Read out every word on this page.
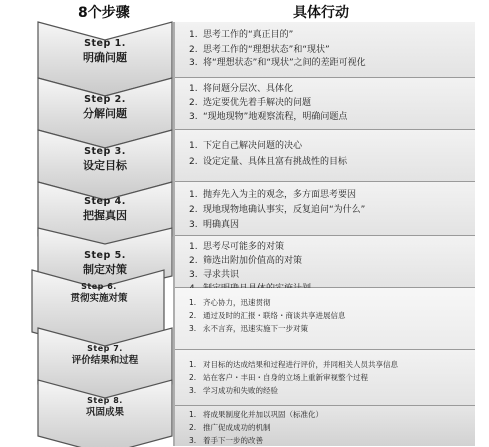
8个步骤	具体行动
Step 1.
明确问题
Step 2.
分解问题
Step 3.
设定目标
Step 4.
把握真因
Step 5.
制定对策
Step 6.
贯彻实施对策
Step 7.
评价结果和过程
Step 8.
巩固成果
1. 思考工作的“真正目的”
2. 思考工作的“理想状态”和“现状”
3. 将“理想状态”和“现状”之间的差距可视化
1. 将问题分层次、具体化
2. 选定要优先着手解决的问题
3. “现地现物”地观察流程，明确问题点
1. 下定自己解决问题的决心
2. 设定定量、具体且富有挑战性的目标
1. 抛弃先入为主的观念，多方面思考要因
2. 现地现物地确认事实，反复追问“为什么”
3. 明确真因
1. 思考尽可能多的对策
2. 筛选出附加价值高的对策
3. 寻求共识
1. 齐心协力，迅速贯彻
2. 通过及时的汇报・联络・商谈共享进展信息
3. 永不言弃，迅速实施下一步对策
1. 对目标的达成结果和过程进行评价，并同相关人员共享信息
2. 站在客户・丰田・自身的立场上重新审视整个过程
3. 学习成功和失败的经验
1. 将成果制度化并加以巩固（标准化）
2. 推广促成成功的机制
3. 着手下一步的改善
